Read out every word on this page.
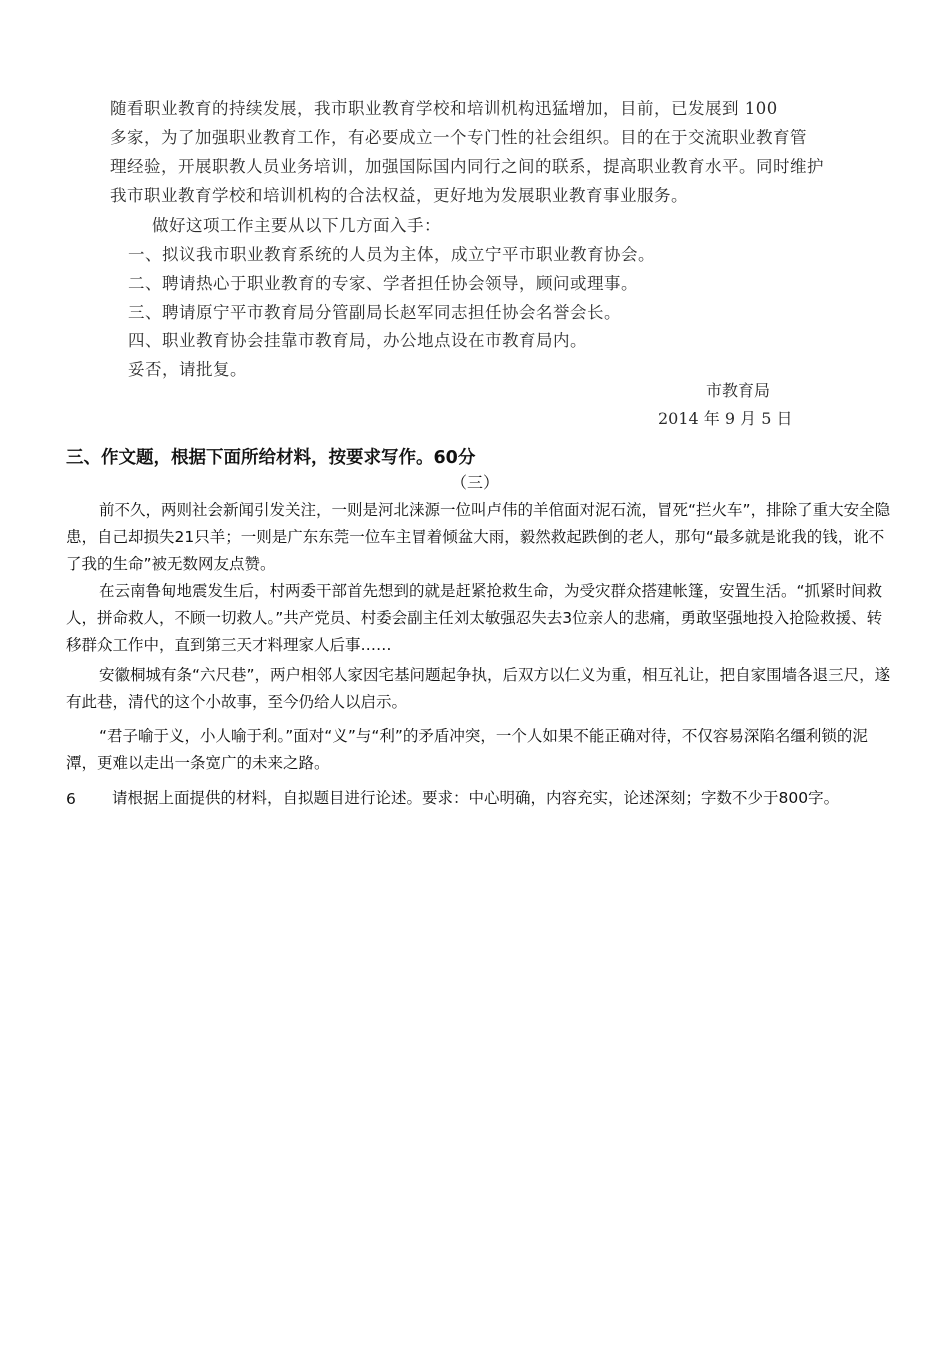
随看职业教育的持续发展，我市职业教育学校和培训机构迅猛增加，目前，已发展到 100
多家，为了加强职业教育工作，有必要成立一个专门性的社会组织。目的在于交流职业教育管
理经验，开展职教人员业务培训，加强国际国内同行之间的联系，提高职业教育水平。同时维护
我市职业教育学校和培训机构的合法权益，更好地为发展职业教育事业服务。
做好这项工作主要从以下几方面入手：
一、拟议我市职业教育系统的人员为主体，成立宁平市职业教育协会。
二、聘请热心于职业教育的专家、学者担任协会领导，顾问或理事。
三、聘请原宁平市教育局分管副局长赵军同志担任协会名誉会长。
四、职业教育协会挂靠市教育局，办公地点设在市教育局内。
妥否，请批复。
市教育局
2014 年 9 月 5 日
三、作文题，根据下面所给材料，按要求写作。60分
（三）

前不久，两则社会新闻引发关注，一则是河北涞源一位叫卢伟的羊倌面对泥石流，冒死“拦火车”，排除了重大安全隐患，自己却损失21只羊；一则是广东东莞一位车主冒着倾盆大雨，毅然救起跌倒的老人，那句“最多就是讹我的钱，讹不了我的生命”被无数网友点赞。

在云南鲁甸地震发生后，村两委干部首先想到的就是赶紧抢救生命，为受灾群众搭建帐篷，安置生活。“抓紧时间救人，拼命救人，不顾一切救人。”共产党员、村委会副主任刘太敏强忍失去3位亲人的悲痛，勇敢坚强地投入抢险救援、转移群众工作中，直到第三天才料理家人后事……

安徽桐城有条“六尺巷”，两户相邻人家因宅基问题起争执，后双方以仁义为重，相互礼让，把自家围墙各退三尺，遂有此巷，清代的这个小故事，至今仍给人以启示。

“君子喻于义，小人喻于利。”面对“义”与“利”的矛盾冲突，一个人如果不能正确对待，不仅容易深陷名缰利锁的泥潭，更难以走出一条宽广的未来之路。

6 请根据上面提供的材料，自拟题目进行论述。要求：中心明确，内容充实，论述深刻；字数不少于800字。
